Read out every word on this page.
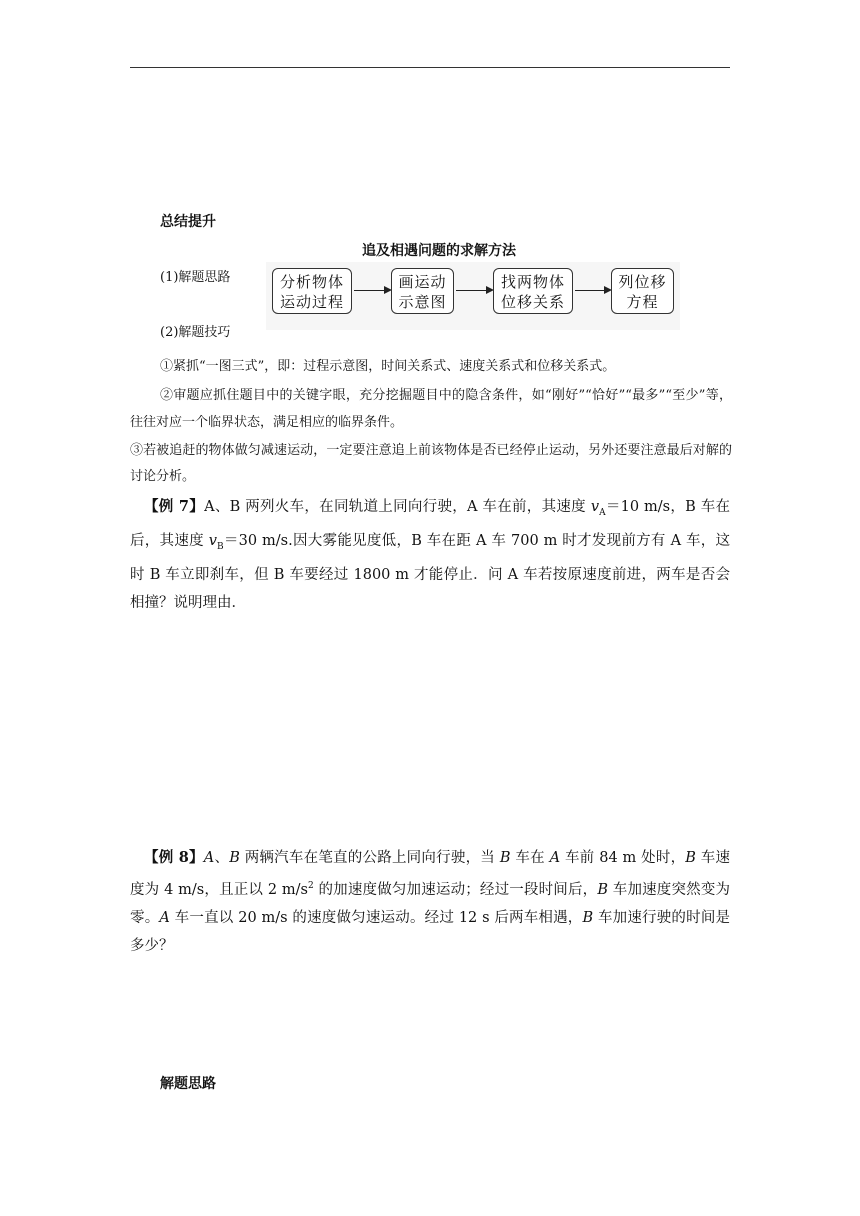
总结提升
追及相遇问题的求解方法
(1)解题思路	分析物体
运动过程
画运动
示意图
找两物体
位移关系
列位移
方程
(2)解题技巧
①紧抓“一图三式”，即：过程示意图，时间关系式、速度关系式和位移关系式。
②审题应抓住题目中的关键字眼，充分挖掘题目中的隐含条件，如“刚好”“恰好”“最多”“至少”等，往往对应一个临界状态，满足相应的临界条件。
③若被追赶的物体做匀减速运动，一定要注意追上前该物体是否已经停止运动，另外还要注意最后对解的讨论分析。
【例 7】A、B 两列火车，在同轨道上同向行驶，A 车在前，其速度 $v_A=10$ m/s，B 车在后，其速度 $v_B=30$ m/s.因大雾能见度低，B 车在距 A 车 700 m 时才发现前方有 A 车，这时 B 车立即刹车，但 B 车要经过 1800 m 才能停止．问 A 车若按原速度前进，两车是否会相撞？说明理由．
【例 8】A、B 两辆汽车在笔直的公路上同向行驶，当 B 车在 A 车前 84 m 处时，B 车速度为 4 m/s，且正以 2 $m/s^2$ 的加速度做匀加速运动；经过一段时间后，B 车加速度突然变为零。A 车一直以 20 m/s 的速度做匀速运动。经过 12 s 后两车相遇，B 车加速行驶的时间是多少？
解题思路
